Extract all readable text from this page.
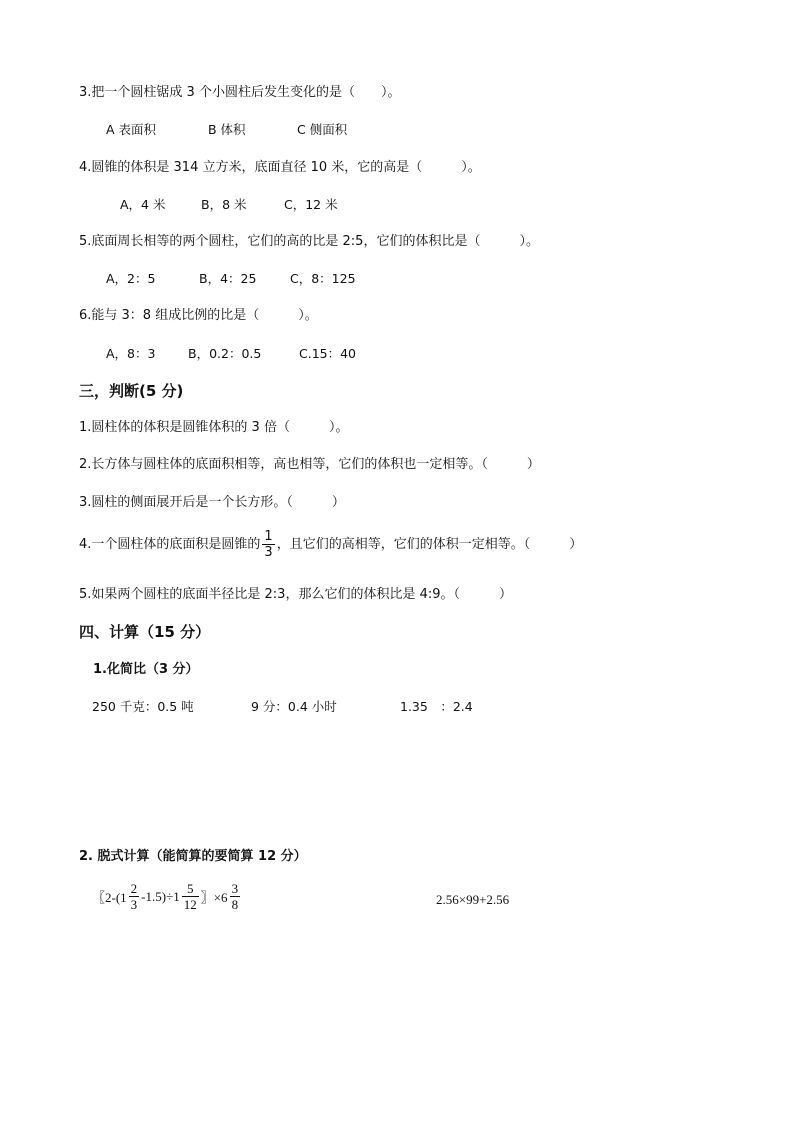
3.把一个圆柱锯成 3 个小圆柱后发生变化的是（　　）。
A 表面积	B 体积	C 侧面积
4.圆锥的体积是 314 立方米，底面直径 10 米，它的高是（　　　）。
A，4 米	B，8 米	C，12 米
5.底面周长相等的两个圆柱，它们的高的比是 2:5，它们的体积比是（　　　）。
A，2：5	B，4：25	C，8：125
6.能与 3：8 组成比例的比是（　　　）。
A，8：3	B，0.2：0.5	C.15：40
三，判断(5 分)
1.圆柱体的体积是圆锥体积的 3 倍（　　　）。
2.长方体与圆柱体的底面积相等，高也相等，它们的体积也一定相等。（　　　）
3.圆柱的侧面展开后是一个长方形。（　　　）
4.一个圆柱体的底面积是圆锥的 $\frac{1}{3}$ ，且它们的高相等，它们的体积一定相等。（　　　）
5.如果两个圆柱的底面半径比是 2:3，那么它们的体积比是 4:9。（　　　）
四、计算（15 分）
1.化简比（3 分）
250 千克：0.5 吨	9 分：0.4 小时	1.35　：2.4
2. 脱式计算（能简算的要简算 12 分）
〖$2-(1 \frac{2}{3} -1.5)\div 1 \frac{5}{12}$ 〗$\times 6 \frac{3}{8}$	2.56×99+2.56
